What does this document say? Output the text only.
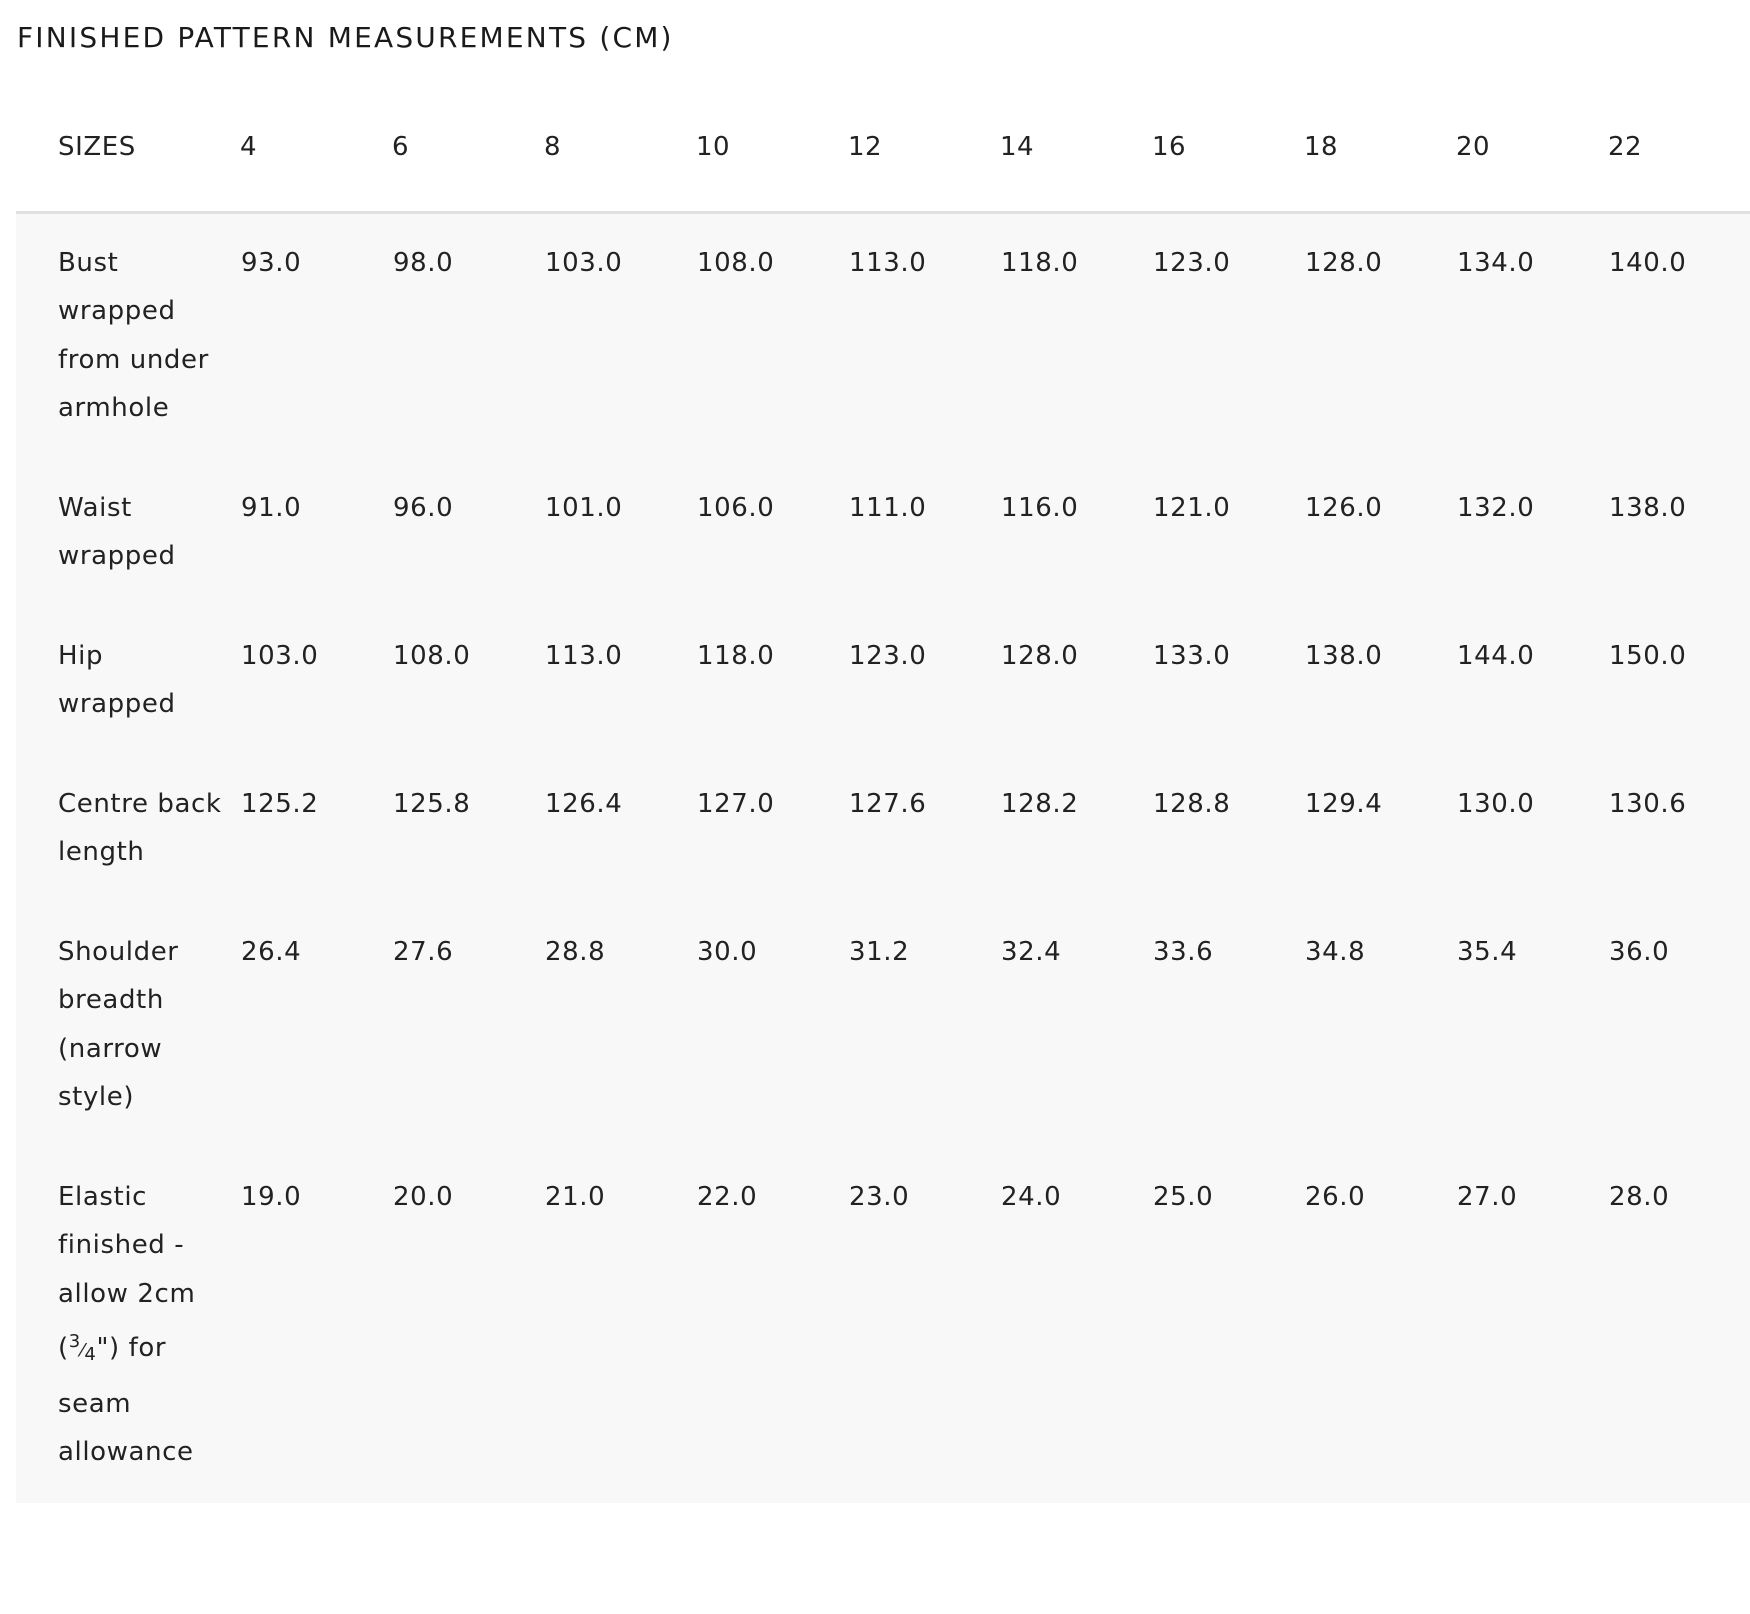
FINISHED PATTERN MEASUREMENTS (CM)
SIZES	4	6	8	10	12	14	16	18	20	22
Bust wrapped from under armhole	93.0	98.0	103.0	108.0	113.0	118.0	123.0	128.0	134.0	140.0
Waist wrapped	91.0	96.0	101.0	106.0	111.0	116.0	121.0	126.0	132.0	138.0
Hip wrapped	103.0	108.0	113.0	118.0	123.0	128.0	133.0	138.0	144.0	150.0
Centre back length	125.2	125.8	126.4	127.0	127.6	128.2	128.8	129.4	130.0	130.6
Shoulder breadth (narrow style)	26.4	27.6	28.8	30.0	31.2	32.4	33.6	34.8	35.4	36.0
Elastic finished - allow 2cm (3⁄4") for seam allowance	19.0	20.0	21.0	22.0	23.0	24.0	25.0	26.0	27.0	28.0
